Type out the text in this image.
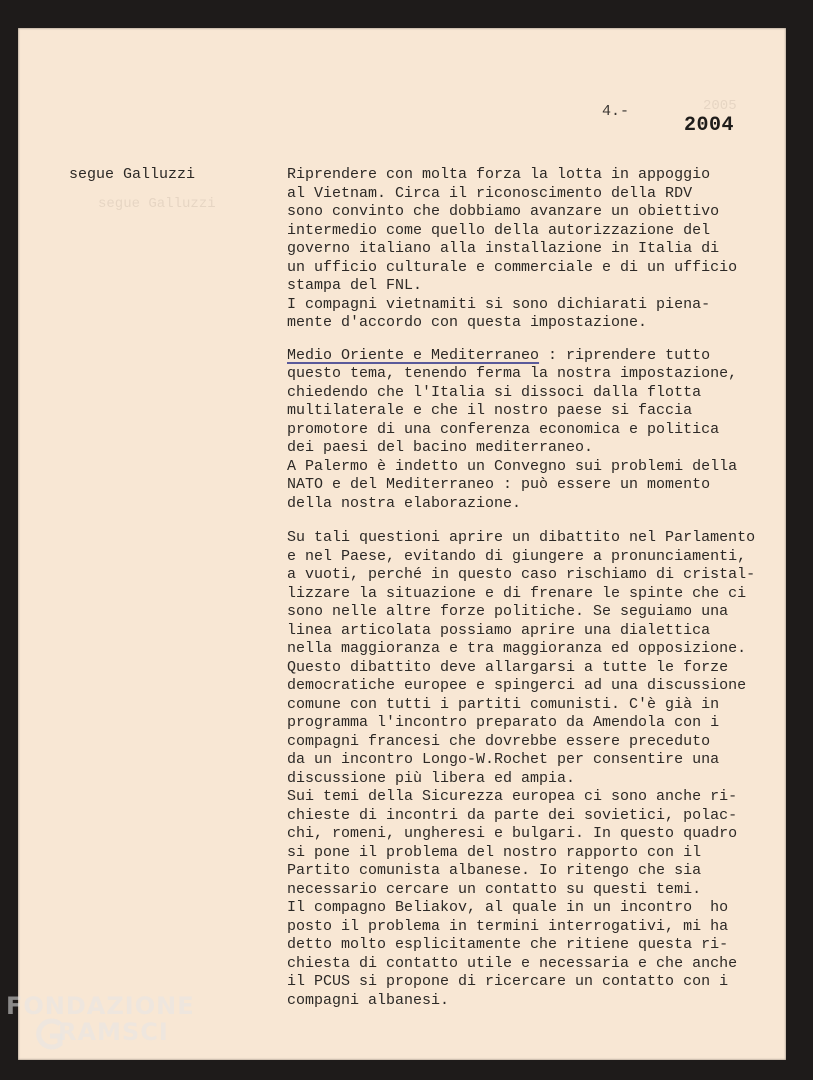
2005
segue Galluzzi
4.-
2004
segue Galluzzi	Riprendere con molta forza la lotta in appoggio
al Vietnam. Circa il riconoscimento della RDV
sono convinto che dobbiamo avanzare un obiettivo
intermedio come quello della autorizzazione del
governo italiano alla installazione in Italia di
un ufficio culturale e commerciale e di un ufficio
stampa del FNL.
I compagni vietnamiti si sono dichiarati piena-
mente d'accordo con questa impostazione.
Medio Oriente e Mediterraneo : riprendere tutto
questo tema, tenendo ferma la nostra impostazione,
chiedendo che l'Italia si dissoci dalla flotta
multilaterale e che il nostro paese si faccia
promotore di una conferenza economica e politica
dei paesi del bacino mediterraneo.
A Palermo è indetto un Convegno sui problemi della
NATO e del Mediterraneo : può essere un momento
della nostra elaborazione.
Su tali questioni aprire un dibattito nel Parlamento
e nel Paese, evitando di giungere a pronunciamenti,
a vuoti, perché in questo caso rischiamo di cristal-
lizzare la situazione e di frenare le spinte che ci
sono nelle altre forze politiche. Se seguiamo una
linea articolata possiamo aprire una dialettica
nella maggioranza e tra maggioranza ed opposizione.
Questo dibattito deve allargarsi a tutte le forze
democratiche europee e spingerci ad una discussione
comune con tutti i partiti comunisti. C'è già in
programma l'incontro preparato da Amendola con i
compagni francesi che dovrebbe essere preceduto
da un incontro Longo-W.Rochet per consentire una
discussione più libera ed ampia.
Sui temi della Sicurezza europea ci sono anche ri-
chieste di incontri da parte dei sovietici, polac-
chi, romeni, ungheresi e bulgari. In questo quadro
si pone il problema del nostro rapporto con il
Partito comunista albanese. Io ritengo che sia
necessario cercare un contatto su questi temi.
Il compagno Beliakov, al quale in un incontro  ho
posto il problema in termini interrogativi, mi ha
detto molto esplicitamente che ritiene questa ri-
chiesta di contatto utile e necessaria e che anche
il PCUS si propone di ricercare un contatto con i
compagni albanesi.
FONDAZIONE
RAMSCI
